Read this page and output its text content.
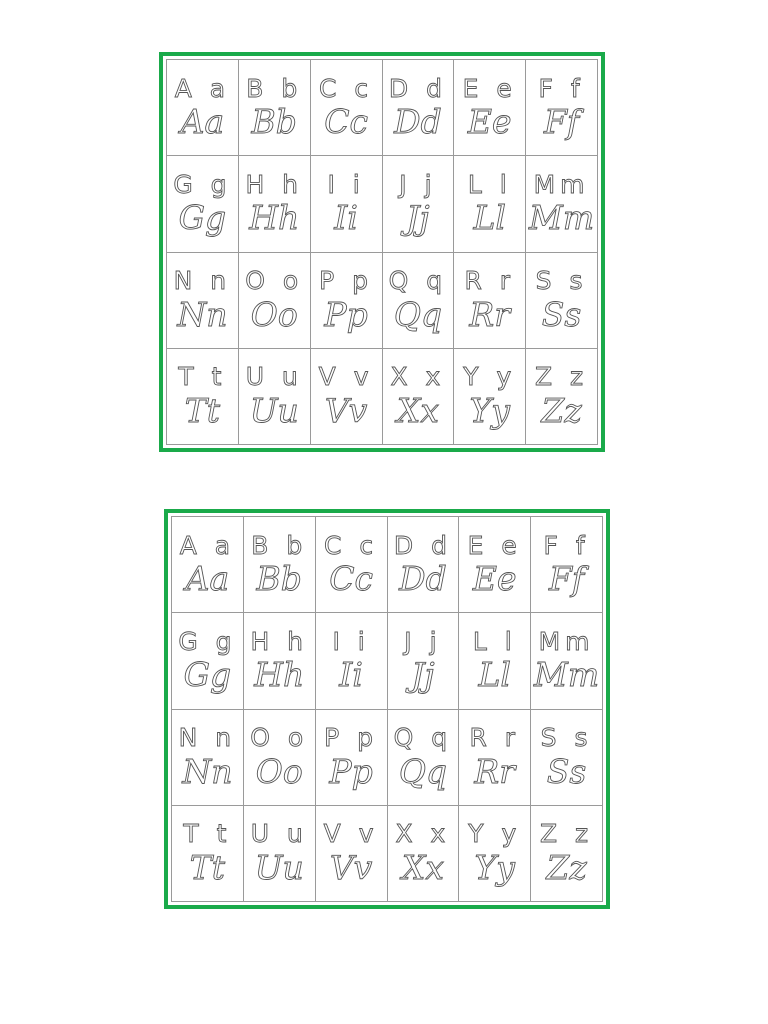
A a
Aa
B b
Bb
C c
Cc
D d
Dd
E e
Ee
F f
Ff
G g
Gg
H h
Hh
I i
Ii
J j
Jj
L l
Ll
Mm
Mm
N n
Nn
O o
Oo
P p
Pp
Q q
Qq
R r
Rr
S s
Ss
T t
Tt
U u
Uu
V v
Vv
X x
Xx
Y y
Yy
Z z
Zz
A a
Aa
B b
Bb
C c
Cc
D d
Dd
E e
Ee
F f
Ff
G g
Gg
H h
Hh
I i
Ii
J j
Jj
L l
Ll
Mm
Mm
N n
Nn
O o
Oo
P p
Pp
Q q
Qq
R r
Rr
S s
Ss
T t
Tt
U u
Uu
V v
Vv
X x
Xx
Y y
Yy
Z z
Zz
